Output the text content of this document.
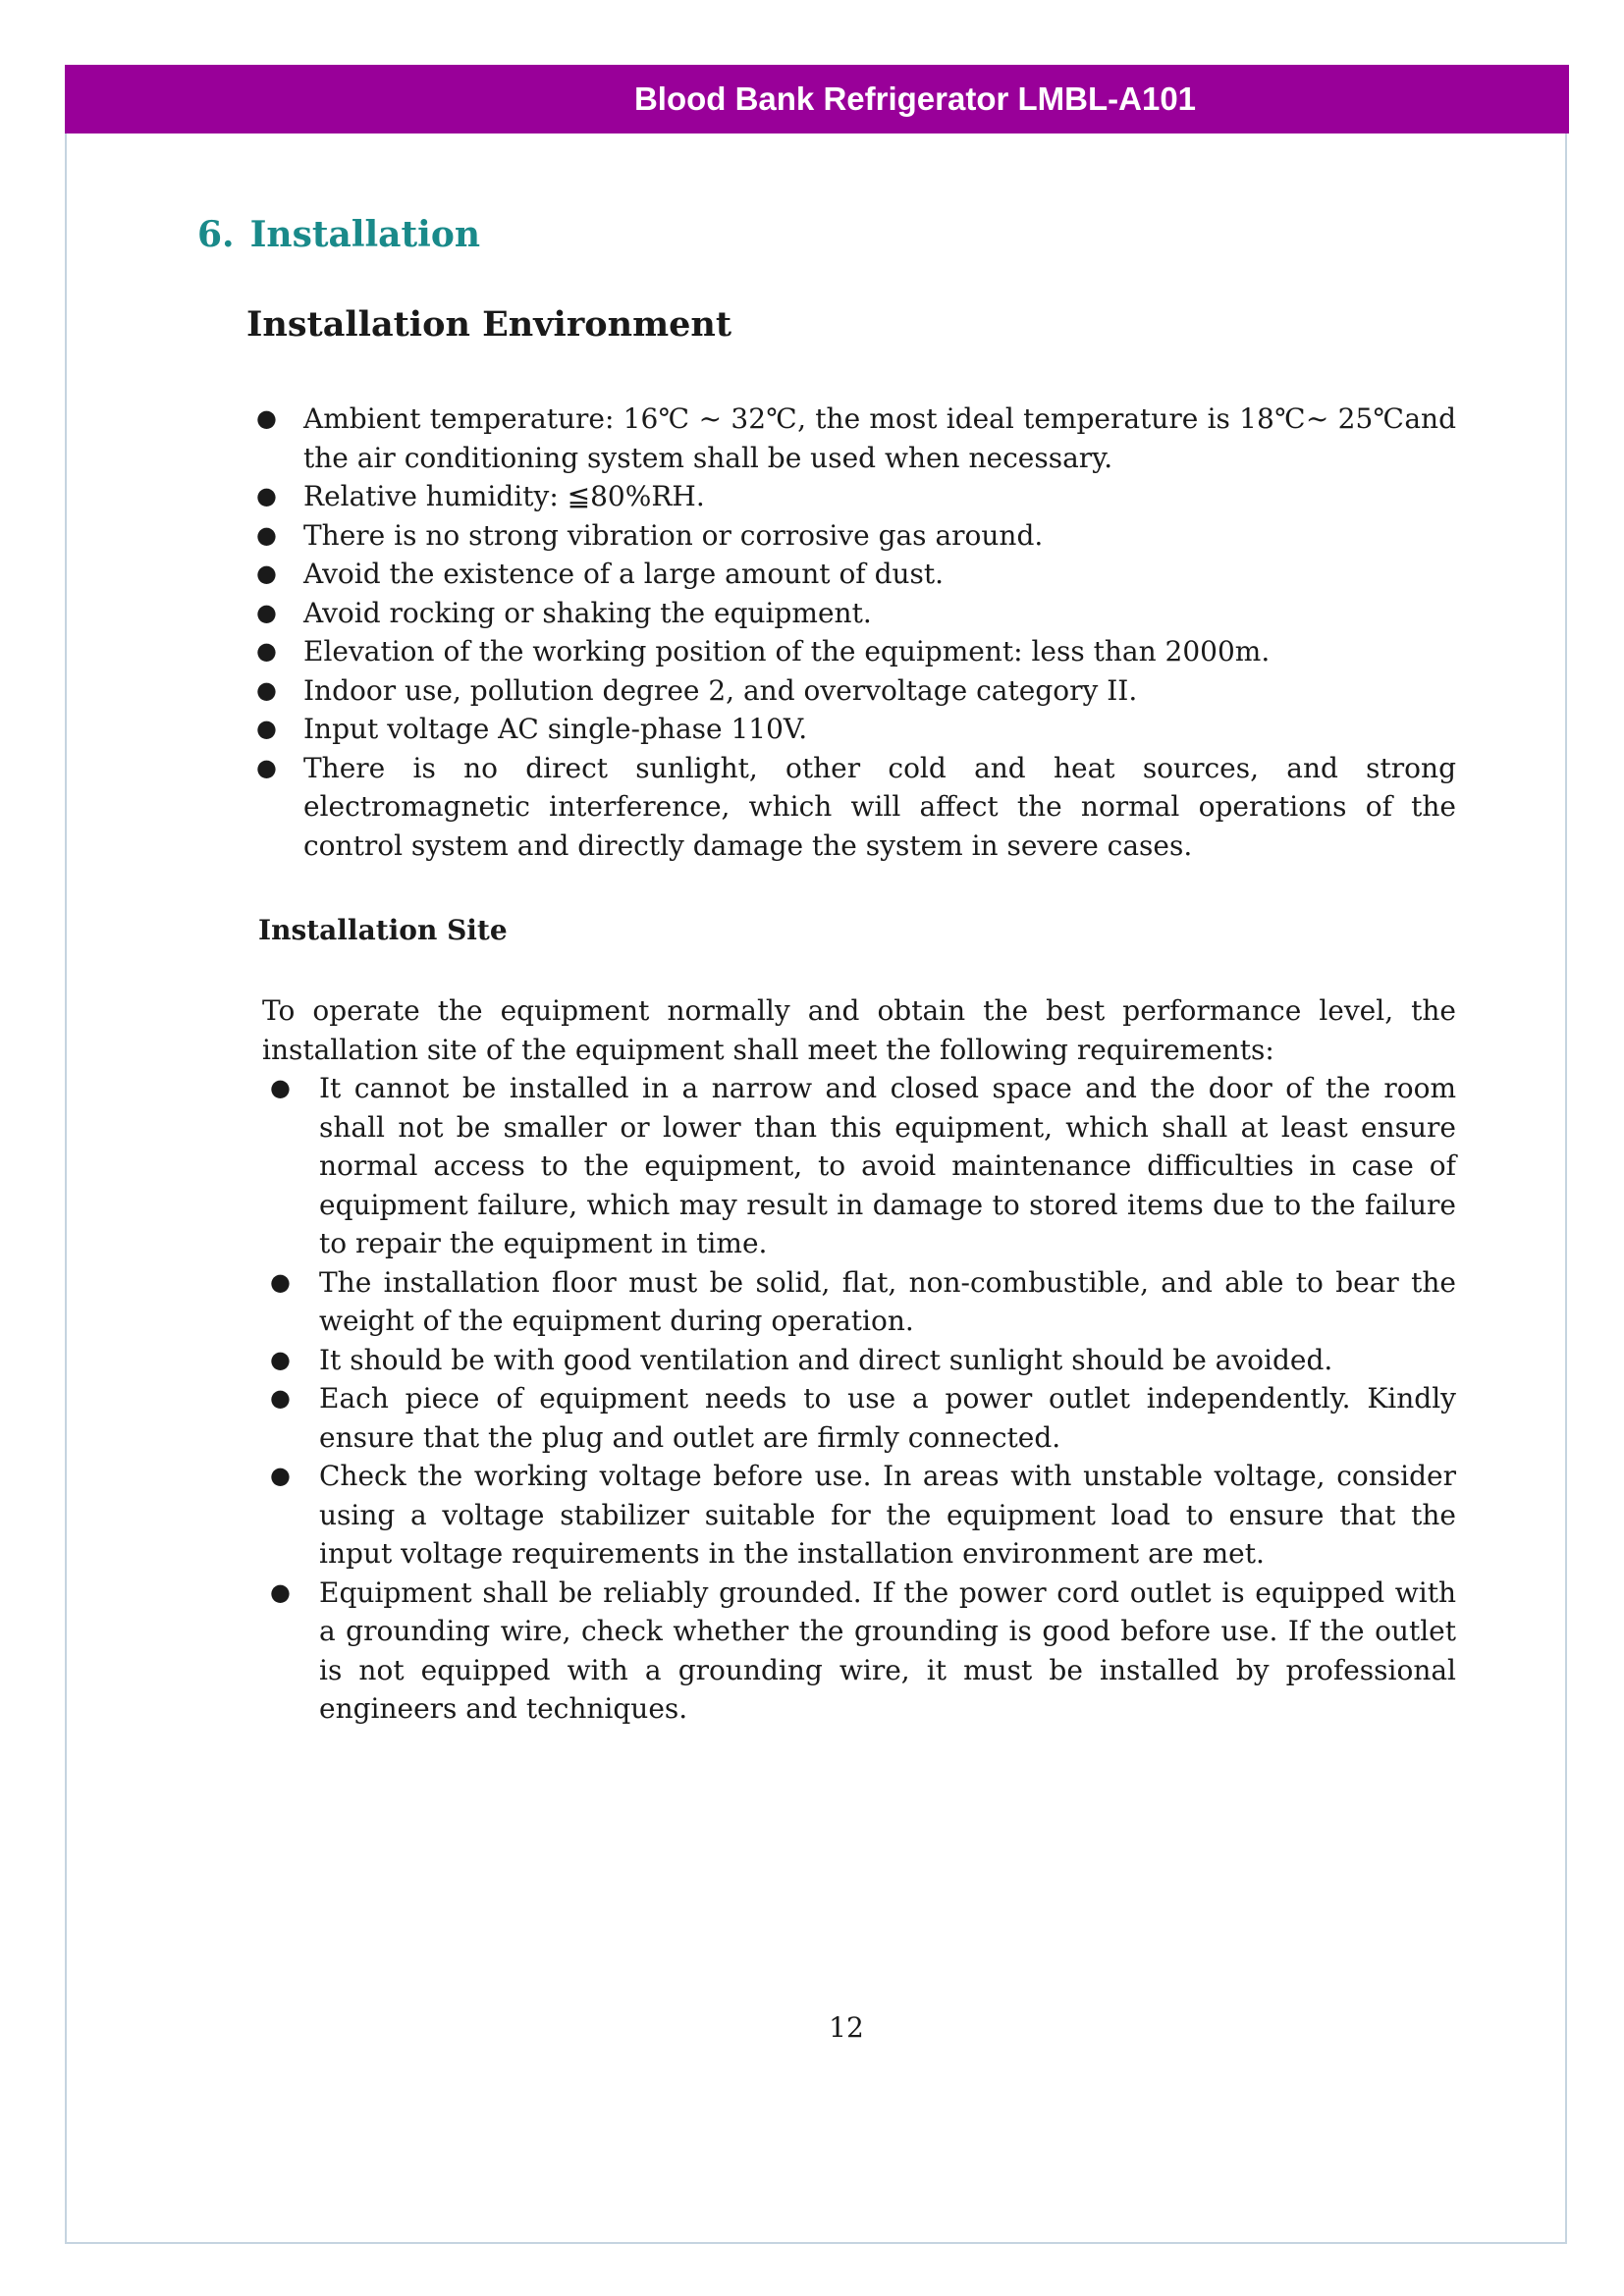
Blood Bank Refrigerator LMBL-A101
6. Installation
Installation Environment
● Ambient temperature: 16℃ ~ 32℃, the most ideal temperature is 18℃~ 25℃and the air conditioning system shall be used when necessary.
● Relative humidity: ≦80%RH.
● There is no strong vibration or corrosive gas around.
● Avoid the existence of a large amount of dust.
● Avoid rocking or shaking the equipment.
● Elevation of the working position of the equipment: less than 2000m.
● Indoor use, pollution degree 2, and overvoltage category II.
● Input voltage AC single-phase 110V.
● There is no direct sunlight, other cold and heat sources, and strong electromagnetic interference, which will affect the normal operations of the control system and directly damage the system in severe cases.
Installation Site

To operate the equipment normally and obtain the best performance level, the installation site of the equipment shall meet the following requirements:

● It cannot be installed in a narrow and closed space and the door of the room shall not be smaller or lower than this equipment, which shall at least ensure normal access to the equipment, to avoid maintenance difficulties in case of equipment failure, which may result in damage to stored items due to the failure to repair the equipment in time.
● The installation floor must be solid, flat, non-combustible, and able to bear the weight of the equipment during operation.
● It should be with good ventilation and direct sunlight should be avoided.
● Each piece of equipment needs to use a power outlet independently. Kindly ensure that the plug and outlet are firmly connected.
● Check the working voltage before use. In areas with unstable voltage, consider using a voltage stabilizer suitable for the equipment load to ensure that the input voltage requirements in the installation environment are met.
● Equipment shall be reliably grounded. If the power cord outlet is equipped with a grounding wire, check whether the grounding is good before use. If the outlet is not equipped with a grounding wire, it must be installed by professional engineers and techniques.
12
